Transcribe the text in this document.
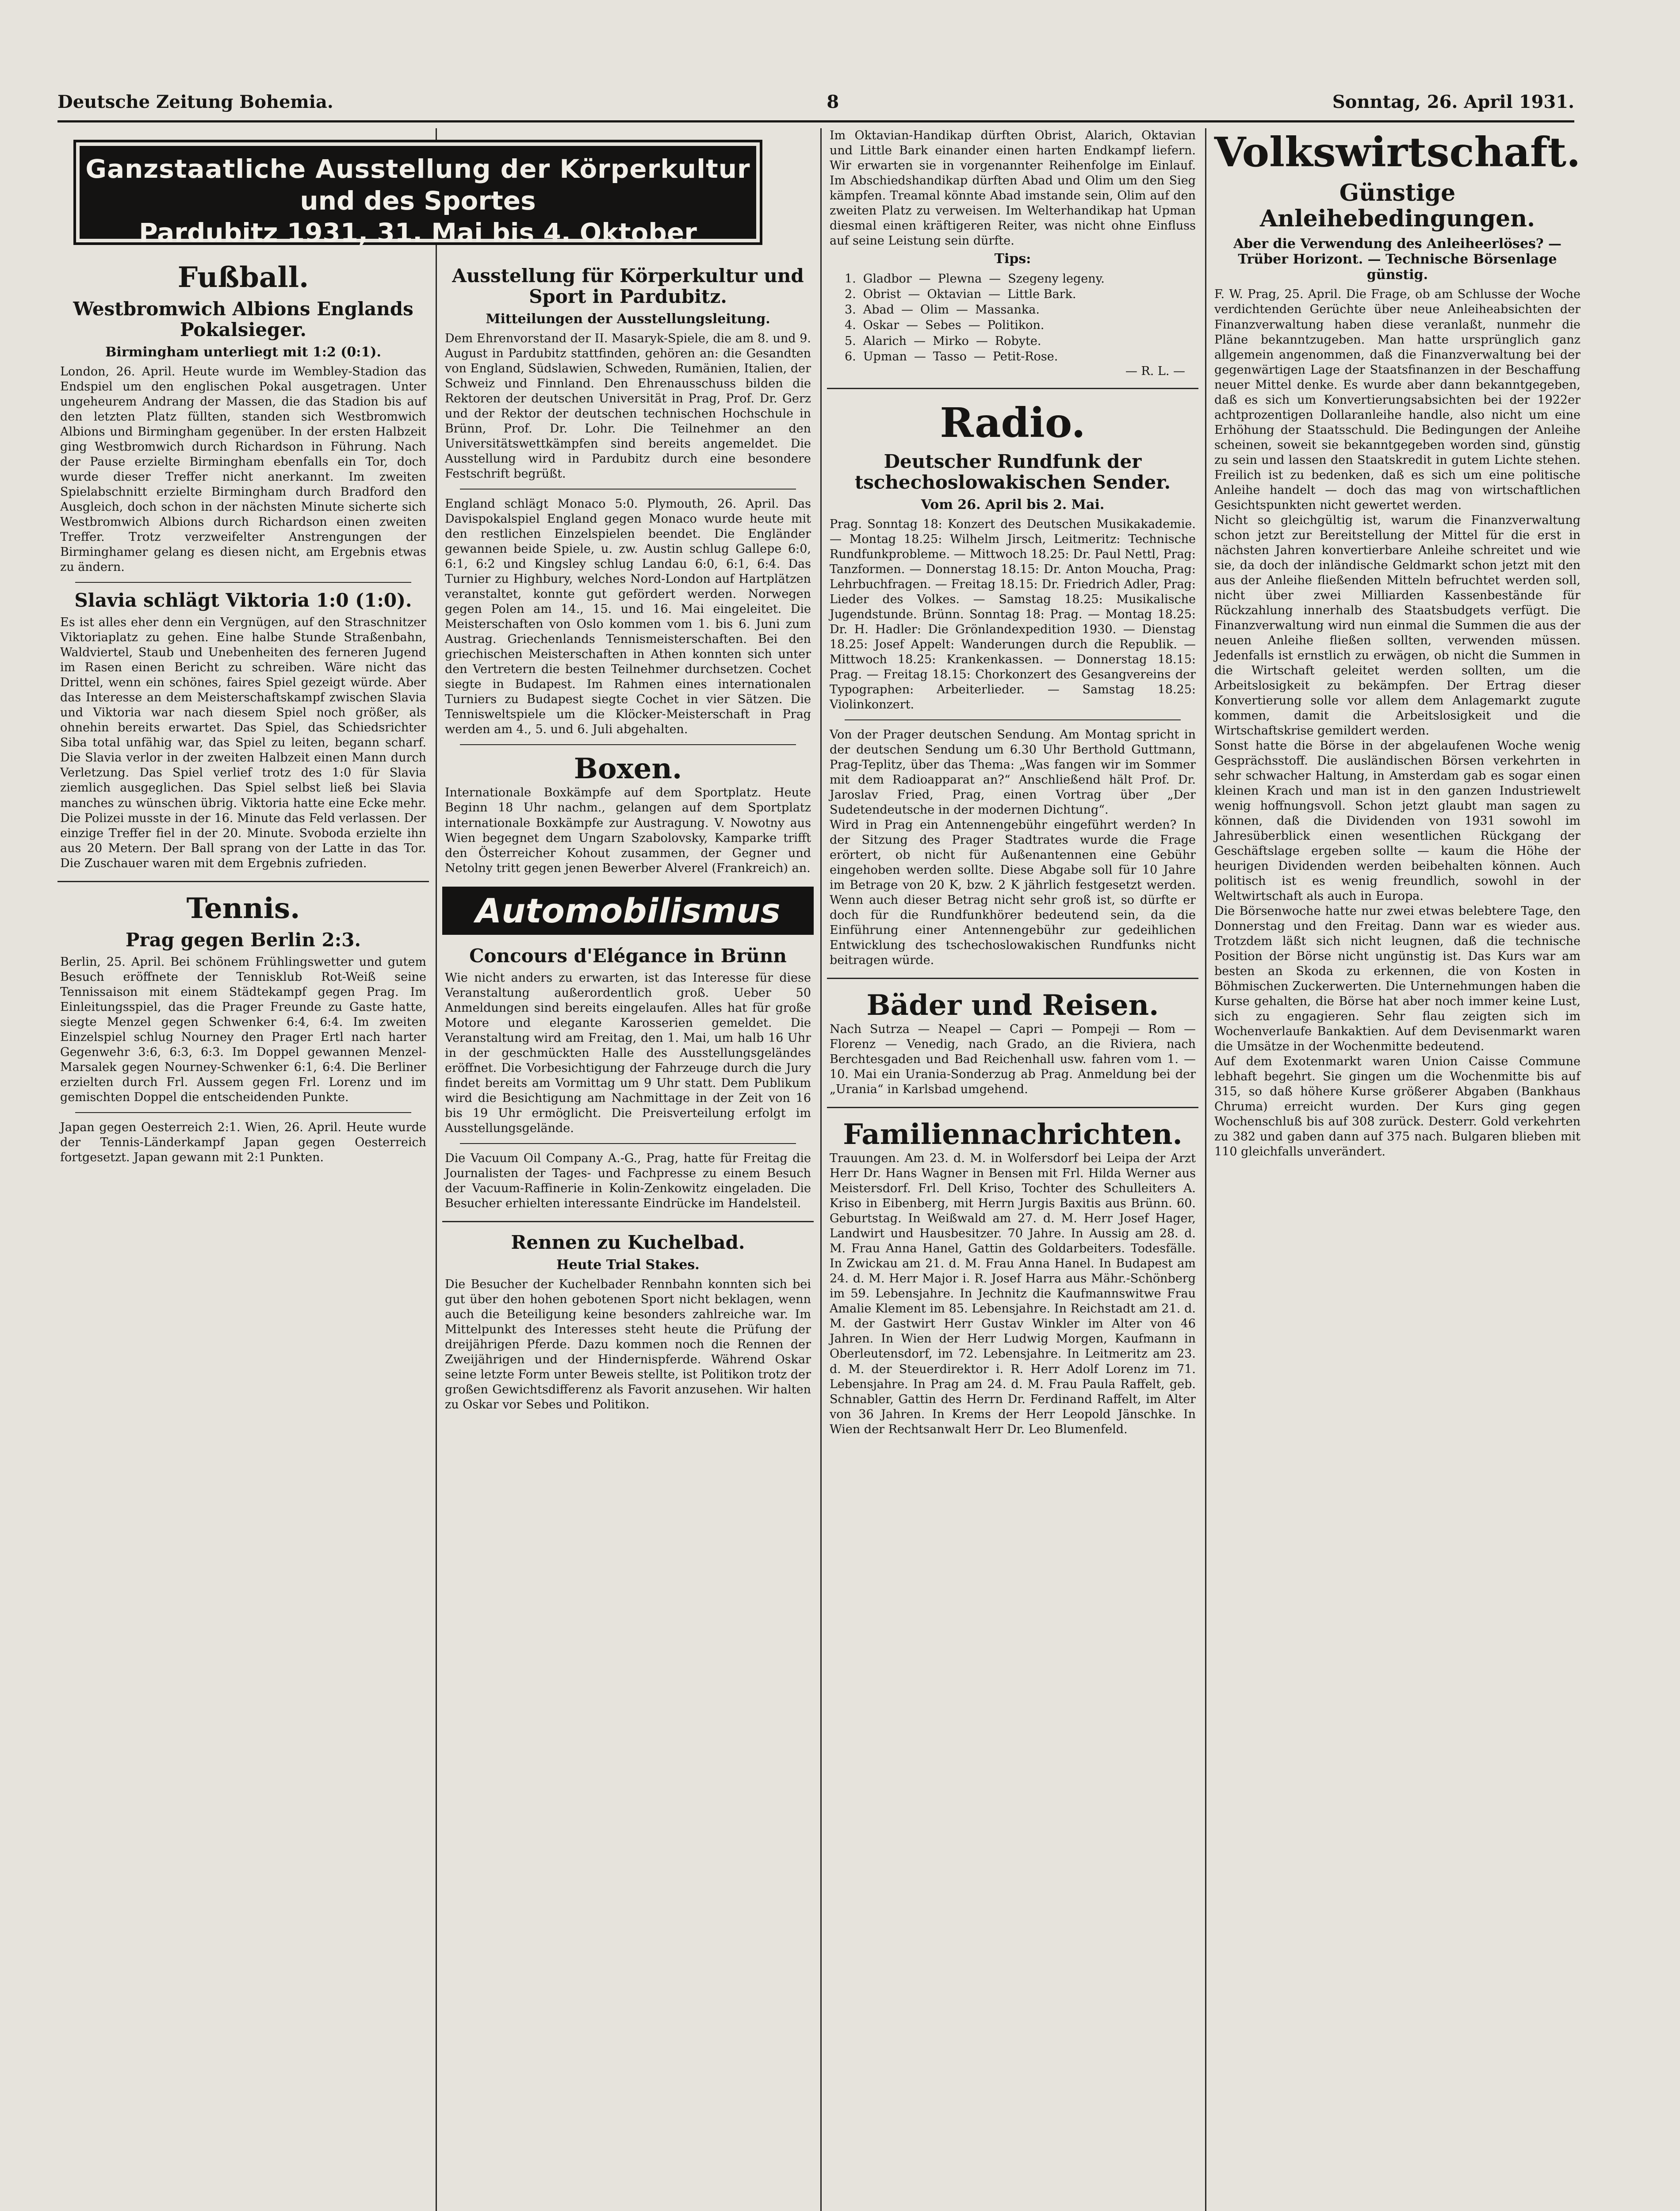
Deutsche Zeitung Bohemia.	8	Sonntag, 26. April 1931.
Fußball.
Westbromwich Albions Englands Pokalsieger.
Birmingham unterliegt mit 1:2 (0:1).
London, 26. April. Heute wurde im Wembley-Stadion das Endspiel um den englischen Pokal ausgetragen. Unter ungeheurem Andrang der Massen, die das Stadion bis auf den letzten Platz füllten, standen sich Westbromwich Albions und Birmingham gegenüber. In der ersten Halbzeit ging Westbromwich durch Richardson in Führung. Nach der Pause erzielte Birmingham ebenfalls ein Tor, doch wurde dieser Treffer nicht anerkannt. Im zweiten Spielabschnitt erzielte Birmingham durch Bradford den Ausgleich, doch schon in der nächsten Minute sicherte sich Westbromwich Albions durch Richardson einen zweiten Treffer. Trotz verzweifelter Anstrengungen der Birminghamer gelang es diesen nicht, am Ergebnis etwas zu ändern.
Slavia schlägt Viktoria 1:0 (1:0).
Es ist alles eher denn ein Vergnügen, auf den Straschnitzer Viktoriaplatz zu gehen. Eine halbe Stunde Straßenbahn, Waldviertel, Staub und Unebenheiten des ferneren Jugend im Rasen einen Bericht zu schreiben. Wäre nicht das Drittel, wenn ein schönes, faires Spiel gezeigt würde. Aber das Interesse an dem Meisterschaftskampf zwischen Slavia und Viktoria war nach diesem Spiel noch größer, als ohnehin bereits erwartet. Das Spiel, das Schiedsrichter Siba total unfähig war, das Spiel zu leiten, begann scharf. Die Slavia verlor in der zweiten Halbzeit einen Mann durch Verletzung. Das Spiel verlief trotz des 1:0 für Slavia ziemlich ausgeglichen. Das Spiel selbst ließ bei Slavia manches zu wünschen übrig. Viktoria hatte eine Ecke mehr. Die Polizei musste in der 16. Minute das Feld verlassen. Der einzige Treffer fiel in der 20. Minute. Svoboda erzielte ihn aus 20 Metern. Der Ball sprang von der Latte in das Tor. Die Zuschauer waren mit dem Ergebnis zufrieden.
Tennis.
Prag gegen Berlin 2:3.
Berlin, 25. April. Bei schönem Frühlingswetter und gutem Besuch eröffnete der Tennisklub Rot-Weiß seine Tennissaison mit einem Städtekampf gegen Prag. Im Einleitungsspiel, das die Prager Freunde zu Gaste hatte, siegte Menzel gegen Schwenker 6:4, 6:4. Im zweiten Einzelspiel schlug Nourney den Prager Ertl nach harter Gegenwehr 3:6, 6:3, 6:3. Im Doppel gewannen Menzel-Marsalek gegen Nourney-Schwenker 6:1, 6:4. Die Berliner erzielten durch Frl. Aussem gegen Frl. Lorenz und im gemischten Doppel die entscheidenden Punkte.
Japan gegen Oesterreich 2:1. Wien, 26. April. Heute wurde der Tennis-Länderkampf Japan gegen Oesterreich fortgesetzt. Japan gewann mit 2:1 Punkten.
Ausstellung für Körperkultur und Sport in Pardubitz.
Mitteilungen der Ausstellungsleitung.
Dem Ehrenvorstand der II. Masaryk-Spiele, die am 8. und 9. August in Pardubitz stattfinden, gehören an: die Gesandten von England, Südslawien, Schweden, Rumänien, Italien, der Schweiz und Finnland. Den Ehrenausschuss bilden die Rektoren der deutschen Universität in Prag, Prof. Dr. Gerz und der Rektor der deutschen technischen Hochschule in Brünn, Prof. Dr. Lohr. Die Teilnehmer an den Universitätswettkämpfen sind bereits angemeldet. Die Ausstellung wird in Pardubitz durch eine besondere Festschrift begrüßt.
England schlägt Monaco 5:0. Plymouth, 26. April. Das Davispokalspiel England gegen Monaco wurde heute mit den restlichen Einzelspielen beendet. Die Engländer gewannen beide Spiele, u. zw. Austin schlug Gallepe 6:0, 6:1, 6:2 und Kingsley schlug Landau 6:0, 6:1, 6:4. Das Turnier zu Highbury, welches Nord-London auf Hartplätzen veranstaltet, konnte gut gefördert werden. Norwegen gegen Polen am 14., 15. und 16. Mai eingeleitet. Die Meisterschaften von Oslo kommen vom 1. bis 6. Juni zum Austrag. Griechenlands Tennismeisterschaften. Bei den griechischen Meisterschaften in Athen konnten sich unter den Vertretern die besten Teilnehmer durchsetzen. Cochet siegte in Budapest. Im Rahmen eines internationalen Turniers zu Budapest siegte Cochet in vier Sätzen. Die Tennisweltspiele um die Klöcker-Meisterschaft in Prag werden am 4., 5. und 6. Juli abgehalten.
Boxen.
Internationale Boxkämpfe auf dem Sportplatz. Heute Beginn 18 Uhr nachm., gelangen auf dem Sportplatz internationale Boxkämpfe zur Austragung. V. Nowotny aus Wien begegnet dem Ungarn Szabolovsky, Kamparke trifft den Österreicher Kohout zusammen, der Gegner und Netolny tritt gegen jenen Bewerber Alverel (Frankreich) an.
Automobilismus
Concours d'Elégance in Brünn
Wie nicht anders zu erwarten, ist das Interesse für diese Veranstaltung außerordentlich groß. Ueber 50 Anmeldungen sind bereits eingelaufen. Alles hat für große Motore und elegante Karosserien gemeldet. Die Veranstaltung wird am Freitag, den 1. Mai, um halb 16 Uhr in der geschmückten Halle des Ausstellungsgeländes eröffnet. Die Vorbesichtigung der Fahrzeuge durch die Jury findet bereits am Vormittag um 9 Uhr statt. Dem Publikum wird die Besichtigung am Nachmittage in der Zeit von 16 bis 19 Uhr ermöglicht. Die Preisverteilung erfolgt im Ausstellungsgelände.
Die Vacuum Oil Company A.-G., Prag, hatte für Freitag die Journalisten der Tages- und Fachpresse zu einem Besuch der Vacuum-Raffinerie in Kolin-Zenkowitz eingeladen. Die Besucher erhielten interessante Eindrücke im Handelsteil.
Rennen zu Kuchelbad.
Heute Trial Stakes.
Die Besucher der Kuchelbader Rennbahn konnten sich bei gut über den hohen gebotenen Sport nicht beklagen, wenn auch die Beteiligung keine besonders zahlreiche war. Im Mittelpunkt des Interesses steht heute die Prüfung der dreijährigen Pferde. Dazu kommen noch die Rennen der Zweijährigen und der Hindernispferde. Während Oskar seine letzte Form unter Beweis stellte, ist Politikon trotz der großen Gewichtsdifferenz als Favorit anzusehen. Wir halten zu Oskar vor Sebes und Politikon.
Im Oktavian-Handikap dürften Obrist, Alarich, Oktavian und Little Bark einander einen harten Endkampf liefern. Wir erwarten sie in vorgenannter Reihenfolge im Einlauf. Im Abschiedshandikap dürften Abad und Olim um den Sieg kämpfen. Treamal könnte Abad imstande sein, Olim auf den zweiten Platz zu verweisen. Im Welterhandikap hat Upman diesmal einen kräftigeren Reiter, was nicht ohne Einfluss auf seine Leistung sein dürfte.
Tips:
1. Gladbor — Plewna — Szegeny legeny.
2. Obrist — Oktavian — Little Bark.
3. Abad — Olim — Massanka.
4. Oskar — Sebes — Politikon.
5. Alarich — Mirko — Robyte.
6. Upman — Tasso — Petit-Rose.
— R. L. —
Radio.
Deutscher Rundfunk der tschechoslowakischen Sender.
Vom 26. April bis 2. Mai.
Prag. Sonntag 18: Konzert des Deutschen Musikakademie. — Montag 18.25: Wilhelm Jirsch, Leitmeritz: Technische Rundfunkprobleme. — Mittwoch 18.25: Dr. Paul Nettl, Prag: Tanzformen. — Donnerstag 18.15: Dr. Anton Moucha, Prag: Lehrbuchfragen. — Freitag 18.15: Dr. Friedrich Adler, Prag: Lieder des Volkes. — Samstag 18.25: Musikalische Jugendstunde. Brünn. Sonntag 18: Prag. — Montag 18.25: Dr. H. Hadler: Die Grönlandexpedition 1930. — Dienstag 18.25: Josef Appelt: Wanderungen durch die Republik. — Mittwoch 18.25: Krankenkassen. — Donnerstag 18.15: Prag. — Freitag 18.15: Chorkonzert des Gesangvereins der Typographen: Arbeiterlieder. — Samstag 18.25: Violinkonzert.
Von der Prager deutschen Sendung. Am Montag spricht in der deutschen Sendung um 6.30 Uhr Berthold Guttmann, Prag-Teplitz, über das Thema: „Was fangen wir im Sommer mit dem Radioapparat an?“ Anschließend hält Prof. Dr. Jaroslav Fried, Prag, einen Vortrag über „Der Sudetendeutsche in der modernen Dichtung“.
Wird in Prag ein Antennengebühr eingeführt werden? In der Sitzung des Prager Stadtrates wurde die Frage erörtert, ob nicht für Außenantennen eine Gebühr eingehoben werden sollte. Diese Abgabe soll für 10 Jahre im Betrage von 20 K, bzw. 2 K jährlich festgesetzt werden. Wenn auch dieser Betrag nicht sehr groß ist, so dürfte er doch für die Rundfunkhörer bedeutend sein, da die Einführung einer Antennengebühr zur gedeihlichen Entwicklung des tschechoslowakischen Rundfunks nicht beitragen würde.
Bäder und Reisen.
Nach Sutrza — Neapel — Capri — Pompeji — Rom — Florenz — Venedig, nach Grado, an die Riviera, nach Berchtesgaden und Bad Reichenhall usw. fahren vom 1. — 10. Mai ein Urania-Sonderzug ab Prag. Anmeldung bei der „Urania“ in Karlsbad umgehend.
Familiennachrichten.
Trauungen. Am 23. d. M. in Wolfersdorf bei Leipa der Arzt Herr Dr. Hans Wagner in Bensen mit Frl. Hilda Werner aus Meistersdorf. Frl. Dell Kriso, Tochter des Schulleiters A. Kriso in Eibenberg, mit Herrn Jurgis Baxitis aus Brünn. 60. Geburtstag. In Weißwald am 27. d. M. Herr Josef Hager, Landwirt und Hausbesitzer. 70 Jahre. In Aussig am 28. d. M. Frau Anna Hanel, Gattin des Goldarbeiters. Todesfälle. In Zwickau am 21. d. M. Frau Anna Hanel. In Budapest am 24. d. M. Herr Major i. R. Josef Harra aus Mähr.-Schönberg im 59. Lebensjahre. In Jechnitz die Kaufmannswitwe Frau Amalie Klement im 85. Lebensjahre. In Reichstadt am 21. d. M. der Gastwirt Herr Gustav Winkler im Alter von 46 Jahren. In Wien der Herr Ludwig Morgen, Kaufmann in Oberleutensdorf, im 72. Lebensjahre. In Leitmeritz am 23. d. M. der Steuerdirektor i. R. Herr Adolf Lorenz im 71. Lebensjahre. In Prag am 24. d. M. Frau Paula Raffelt, geb. Schnabler, Gattin des Herrn Dr. Ferdinand Raffelt, im Alter von 36 Jahren. In Krems der Herr Leopold Jänschke. In Wien der Rechtsanwalt Herr Dr. Leo Blumenfeld.
Volkswirtschaft.
Günstige Anleihebedingungen.
Aber die Verwendung des Anleiheerlöses? — Trüber Horizont. — Technische Börsenlage günstig.
F. W. Prag, 25. April. Die Frage, ob am Schlusse der Woche verdichtenden Gerüchte über neue Anleiheabsichten der Finanzverwaltung haben diese veranlaßt, nunmehr die Pläne bekanntzugeben. Man hatte ursprünglich ganz allgemein angenommen, daß die Finanzverwaltung bei der gegenwärtigen Lage der Staatsfinanzen in der Beschaffung neuer Mittel denke. Es wurde aber dann bekanntgegeben, daß es sich um Konvertierungsabsichten bei der 1922er achtprozentigen Dollaranleihe handle, also nicht um eine Erhöhung der Staatsschuld. Die Bedingungen der Anleihe scheinen, soweit sie bekanntgegeben worden sind, günstig zu sein und lassen den Staatskredit in gutem Lichte stehen. Freilich ist zu bedenken, daß es sich um eine politische Anleihe handelt — doch das mag von wirtschaftlichen Gesichtspunkten nicht gewertet werden.
Nicht so gleichgültig ist, warum die Finanzverwaltung schon jetzt zur Bereitstellung der Mittel für die erst in nächsten Jahren konvertierbare Anleihe schreitet und wie sie, da doch der inländische Geldmarkt schon jetzt mit den aus der Anleihe fließenden Mitteln befruchtet werden soll, nicht über zwei Milliarden Kassenbestände für Rückzahlung innerhalb des Staatsbudgets verfügt. Die Finanzverwaltung wird nun einmal die Summen die aus der neuen Anleihe fließen sollten, verwenden müssen. Jedenfalls ist ernstlich zu erwägen, ob nicht die Summen in die Wirtschaft geleitet werden sollten, um die Arbeitslosigkeit zu bekämpfen. Der Ertrag dieser Konvertierung solle vor allem dem Anlagemarkt zugute kommen, damit die Arbeitslosigkeit und die Wirtschaftskrise gemildert werden.
Sonst hatte die Börse in der abgelaufenen Woche wenig Gesprächsstoff. Die ausländischen Börsen verkehrten in sehr schwacher Haltung, in Amsterdam gab es sogar einen kleinen Krach und man ist in den ganzen Industriewelt wenig hoffnungsvoll. Schon jetzt glaubt man sagen zu können, daß die Dividenden von 1931 sowohl im Jahresüberblick einen wesentlichen Rückgang der Geschäftslage ergeben sollte — kaum die Höhe der heurigen Dividenden werden beibehalten können. Auch politisch ist es wenig freundlich, sowohl in der Weltwirtschaft als auch in Europa.
Die Börsenwoche hatte nur zwei etwas belebtere Tage, den Donnerstag und den Freitag. Dann war es wieder aus. Trotzdem läßt sich nicht leugnen, daß die technische Position der Börse nicht ungünstig ist. Das Kurs war am besten an Skoda zu erkennen, die von Kosten in Böhmischen Zuckerwerten. Die Unternehmungen haben die Kurse gehalten, die Börse hat aber noch immer keine Lust, sich zu engagieren. Sehr flau zeigten sich im Wochenverlaufe Bankaktien. Auf dem Devisenmarkt waren die Umsätze in der Wochenmitte bedeutend.
Auf dem Exotenmarkt waren Union Caisse Commune lebhaft begehrt. Sie gingen um die Wochenmitte bis auf 315, so daß höhere Kurse größerer Abgaben (Bankhaus Chruma) erreicht wurden. Der Kurs ging gegen Wochenschluß bis auf 308 zurück. Desterr. Gold verkehrten zu 382 und gaben dann auf 375 nach. Bulgaren blieben mit 110 gleichfalls unverändert.
Ganzstaatliche Ausstellung der Körperkultur
und des Sportes
Pardubitz 1931, 31. Mai bis 4. Oktober
